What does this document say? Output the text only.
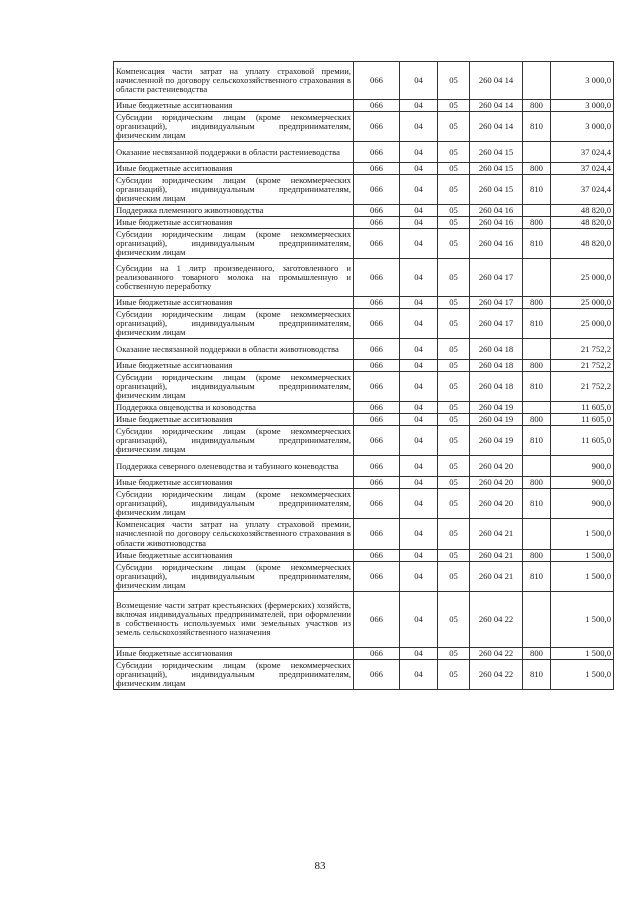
Компенсация части затрат на уплату страховой премии, начисленной по договору сельскохозяйственного страхования в области растениеводства	066	04	05	260 04 14		3 000,0
Иные бюджетные ассигнования	066	04	05	260 04 14	800	3 000,0
Субсидии юридическим лицам (кроме некоммерческих организаций), индивидуальным предпринимателям, физическим лицам	066	04	05	260 04 14	810	3 000,0
Оказание несвязанной поддержки в области растениеводства	066	04	05	260 04 15		37 024,4
Иные бюджетные ассигнования	066	04	05	260 04 15	800	37 024,4
Субсидии юридическим лицам (кроме некоммерческих организаций), индивидуальным предпринимателям, физическим лицам	066	04	05	260 04 15	810	37 024,4
Поддержка племенного животноводства	066	04	05	260 04 16		48 820,0
Иные бюджетные ассигнования	066	04	05	260 04 16	800	48 820,0
Субсидии юридическим лицам (кроме некоммерческих организаций), индивидуальным предпринимателям, физическим лицам	066	04	05	260 04 16	810	48 820,0
Субсидии на 1 литр произведенного, заготовленного и реализованного товарного молока на промышленную и собственную переработку	066	04	05	260 04 17		25 000,0
Иные бюджетные ассигнования	066	04	05	260 04 17	800	25 000,0
Субсидии юридическим лицам (кроме некоммерческих организаций), индивидуальным предпринимателям, физическим лицам	066	04	05	260 04 17	810	25 000,0
Оказание несвязанной поддержки в области животноводства	066	04	05	260 04 18		21 752,2
Иные бюджетные ассигнования	066	04	05	260 04 18	800	21 752,2
Субсидии юридическим лицам (кроме некоммерческих организаций), индивидуальным предпринимателям, физическим лицам	066	04	05	260 04 18	810	21 752,2
Поддержка овцеводства и козоводства	066	04	05	260 04 19		11 605,0
Иные бюджетные ассигнования	066	04	05	260 04 19	800	11 605,0
Субсидии юридическим лицам (кроме некоммерческих организаций), индивидуальным предпринимателям, физическим лицам	066	04	05	260 04 19	810	11 605,0
Поддержка северного оленеводства и табунного коневодства	066	04	05	260 04 20		900,0
Иные бюджетные ассигнования	066	04	05	260 04 20	800	900,0
Субсидии юридическим лицам (кроме некоммерческих организаций), индивидуальным предпринимателям, физическим лицам	066	04	05	260 04 20	810	900,0
Компенсация части затрат на уплату страховой премии, начисленной по договору сельскохозяйственного страхования в области животноводства	066	04	05	260 04 21		1 500,0
Иные бюджетные ассигнования	066	04	05	260 04 21	800	1 500,0
Субсидии юридическим лицам (кроме некоммерческих организаций), индивидуальным предпринимателям, физическим лицам	066	04	05	260 04 21	810	1 500,0
Возмещение части затрат крестьянских (фермерских) хозяйств, включая индивидуальных предпринимателей, при оформлении в собственность используемых ими земельных участков из земель сельскохозяйственного назначения	066	04	05	260 04 22		1 500,0
Иные бюджетные ассигнования	066	04	05	260 04 22	800	1 500,0
Субсидии юридическим лицам (кроме некоммерческих организаций), индивидуальным предпринимателям, физическим лицам	066	04	05	260 04 22	810	1 500,0
83
